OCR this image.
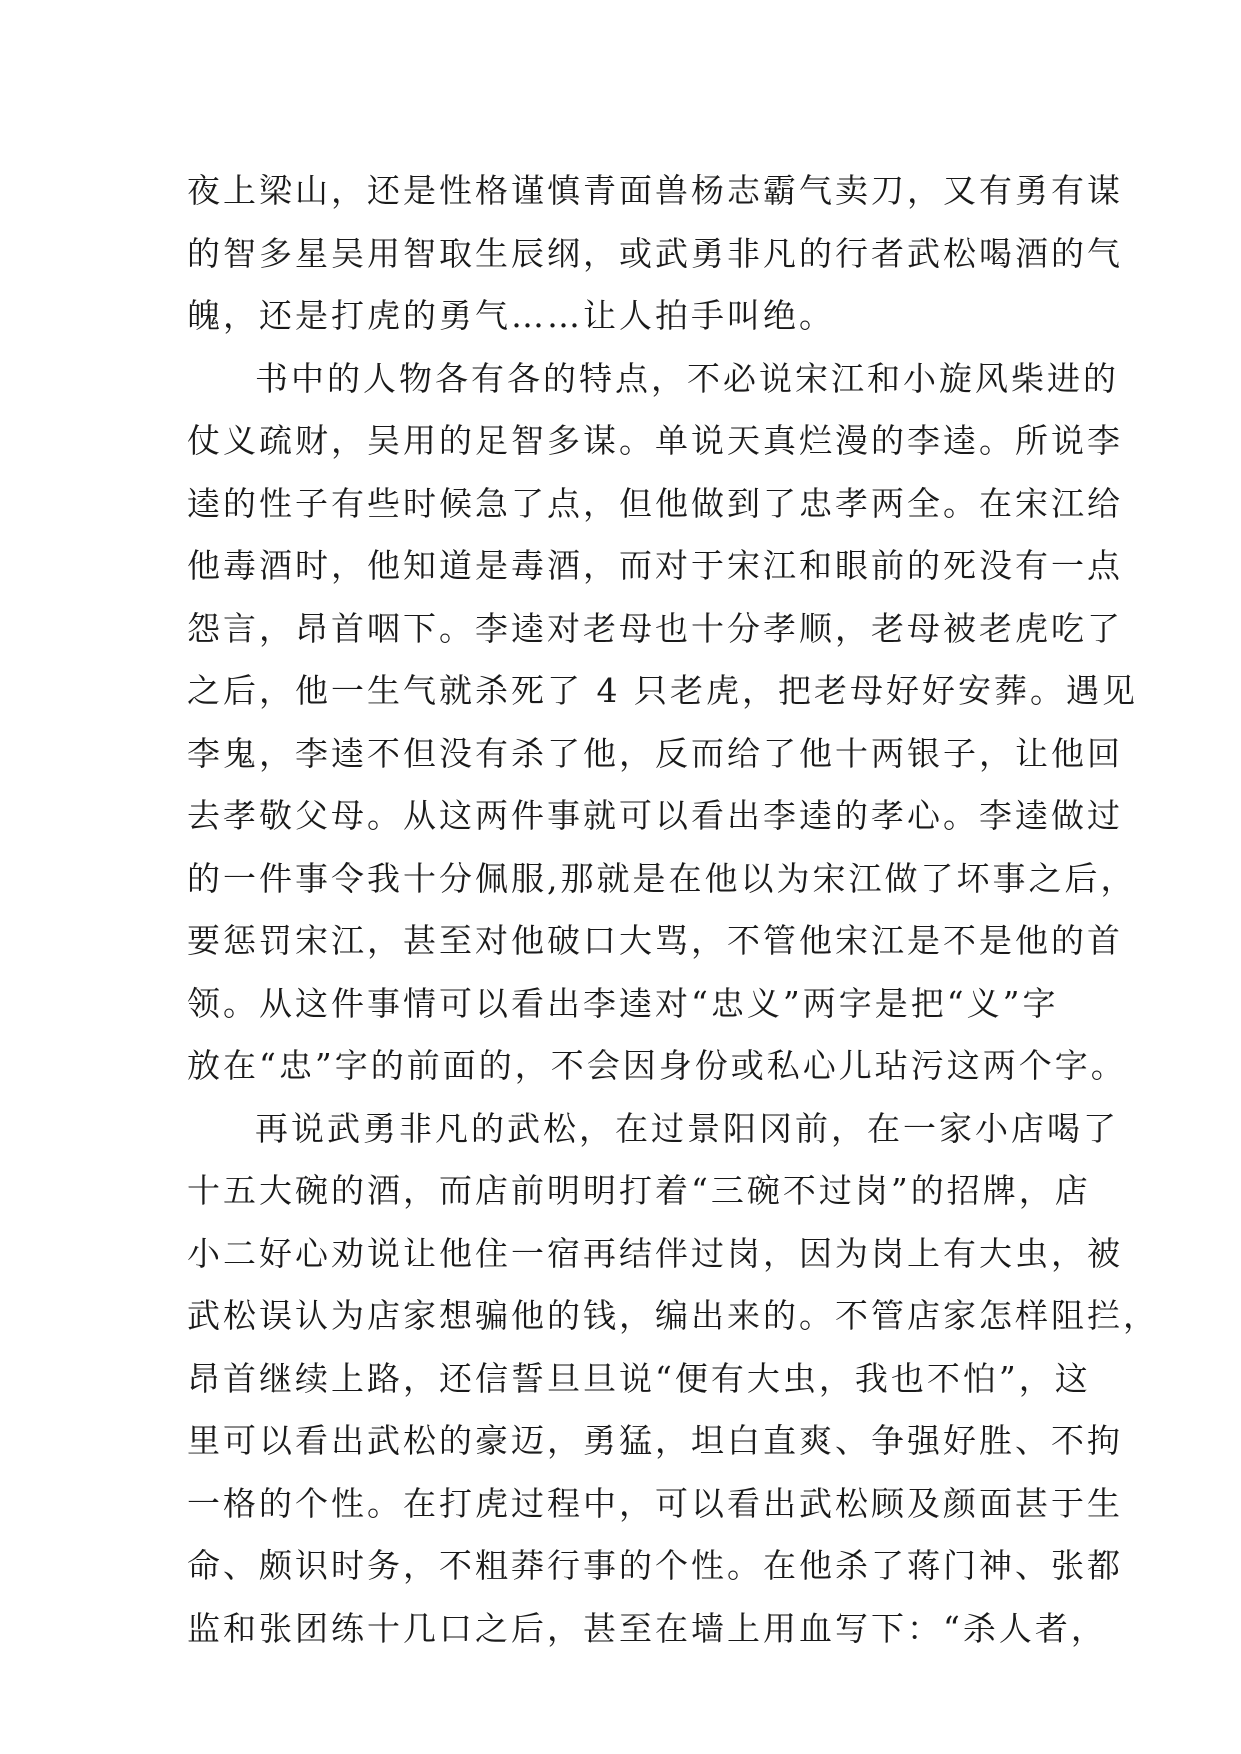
夜上梁山，还是性格谨慎青面兽杨志霸气卖刀，又有勇有谋
的智多星吴用智取生辰纲，或武勇非凡的行者武松喝酒的气
魄，还是打虎的勇气……让人拍手叫绝。
书中的人物各有各的特点，不必说宋江和小旋风柴进的
仗义疏财，吴用的足智多谋。单说天真烂漫的李逵。所说李
逵的性子有些时候急了点，但他做到了忠孝两全。在宋江给
他毒酒时，他知道是毒酒，而对于宋江和眼前的死没有一点
怨言，昂首咽下。李逵对老母也十分孝顺，老母被老虎吃了
之后，他一生气就杀死了 4 只老虎，把老母好好安葬。遇见
李鬼，李逵不但没有杀了他，反而给了他十两银子，让他回
去孝敬父母。从这两件事就可以看出李逵的孝心。李逵做过
的一件事令我十分佩服,那就是在他以为宋江做了坏事之后，
要惩罚宋江，甚至对他破口大骂，不管他宋江是不是他的首
领。从这件事情可以看出李逵对“忠义”两字是把“义”字
放在“忠”字的前面的，不会因身份或私心儿玷污这两个字。
再说武勇非凡的武松，在过景阳冈前，在一家小店喝了
十五大碗的酒，而店前明明打着“三碗不过岗”的招牌，店
小二好心劝说让他住一宿再结伴过岗，因为岗上有大虫，被
武松误认为店家想骗他的钱，编出来的。不管店家怎样阻拦，
昂首继续上路，还信誓旦旦说“便有大虫，我也不怕”，这
里可以看出武松的豪迈，勇猛，坦白直爽、争强好胜、不拘
一格的个性。在打虎过程中，可以看出武松顾及颜面甚于生
命、颇识时务，不粗莽行事的个性。在他杀了蒋门神、张都
监和张团练十几口之后，甚至在墙上用血写下：“杀人者，
